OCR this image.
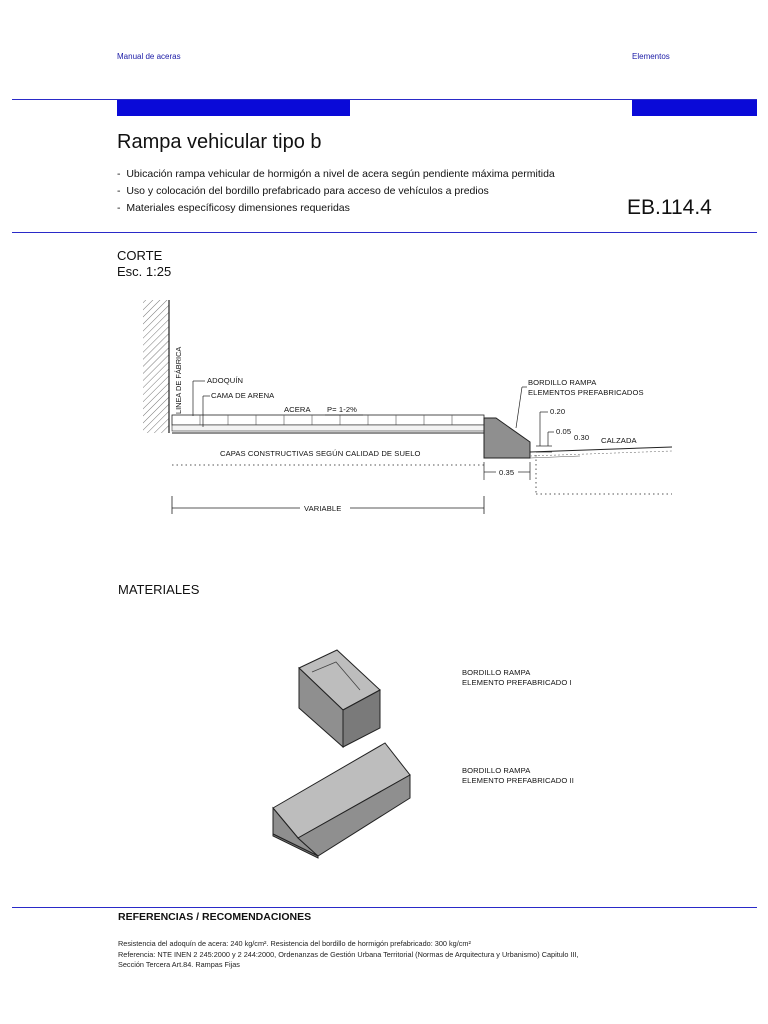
Manual de aceras	Elementos
Rampa vehicular tipo b
- Ubicación rampa vehicular de hormigón a nivel de acera según pendiente máxima permitida
- Uso y colocación del bordillo prefabricado para acceso de vehículos a predios
- Materiales específicosy dimensiones requeridas	EB.114.4
CORTE
Esc. 1:25
LINEA DE FÁBRICA	ADOQUÍN
CAMA DE ARENA
ACERA P= 1-2%
CAPAS CONSTRUCTIVAS SEGÚN CALIDAD DE SUELO
VARIABLE
BORDILLO RAMPA
ELEMENTOS PREFABRICADOS
0.20
0.05
0.30 CALZADA
0.35
MATERIALES
BORDILLO RAMPA
ELEMENTO PREFABRICADO I
BORDILLO RAMPA
ELEMENTO PREFABRICADO II
REFERENCIAS / RECOMENDACIONES
Resistencia del adoquín de acera: 240 kg/cm². Resistencia del bordillo de hormigón prefabricado: 300 kg/cm²
Referencia: NTE INEN 2 245:2000 y 2 244:2000, Ordenanzas de Gestión Urbana Territorial (Normas de Arquitectura y Urbanismo) Capitulo III,
Sección Tercera Art.84. Rampas Fijas
